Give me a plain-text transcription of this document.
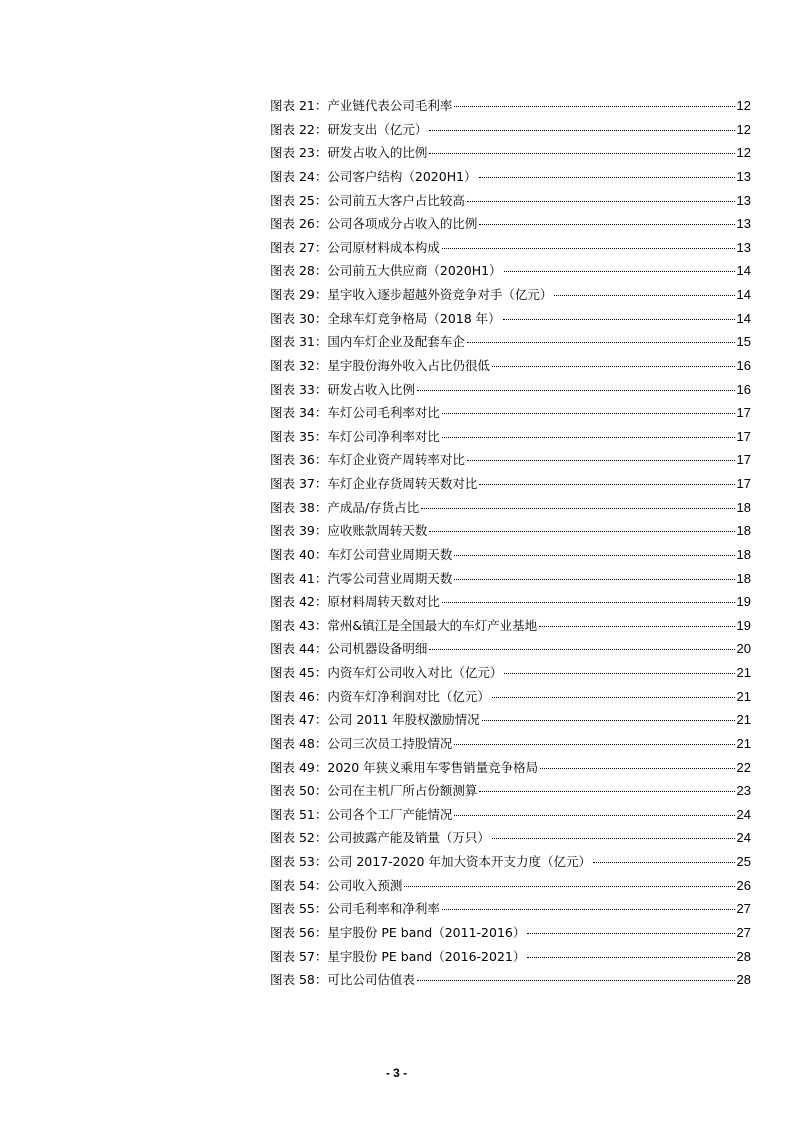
图表 21：产业链代表公司毛利率	12
图表 22：研发支出（亿元）	12
图表 23：研发占收入的比例	12
图表 24：公司客户结构（2020H1）	13
图表 25：公司前五大客户占比较高	13
图表 26：公司各项成分占收入的比例	13
图表 27：公司原材料成本构成	13
图表 28：公司前五大供应商（2020H1）	14
图表 29：星宇收入逐步超越外资竞争对手（亿元）	14
图表 30：全球车灯竞争格局（2018 年）	14
图表 31：国内车灯企业及配套车企	15
图表 32：星宇股份海外收入占比仍很低	16
图表 33：研发占收入比例	16
图表 34：车灯公司毛利率对比	17
图表 35：车灯公司净利率对比	17
图表 36：车灯企业资产周转率对比	17
图表 37：车灯企业存货周转天数对比	17
图表 38：产成品/存货占比	18
图表 39：应收账款周转天数	18
图表 40：车灯公司营业周期天数	18
图表 41：汽零公司营业周期天数	18
图表 42：原材料周转天数对比	19
图表 43：常州&镇江是全国最大的车灯产业基地	19
图表 44：公司机器设备明细	20
图表 45：内资车灯公司收入对比（亿元）	21
图表 46：内资车灯净利润对比（亿元）	21
图表 47：公司 2011 年股权激励情况	21
图表 48：公司三次员工持股情况	21
图表 49：2020 年狭义乘用车零售销量竞争格局	22
图表 50：公司在主机厂所占份额测算	23
图表 51：公司各个工厂产能情况	24
图表 52：公司披露产能及销量（万只）	24
图表 53：公司 2017-2020 年加大资本开支力度（亿元）	25
图表 54：公司收入预测	26
图表 55：公司毛利率和净利率	27
图表 56：星宇股份 PE band（2011-2016）	27
图表 57：星宇股份 PE band（2016-2021）	28
图表 58：可比公司估值表	28
- 3 -
